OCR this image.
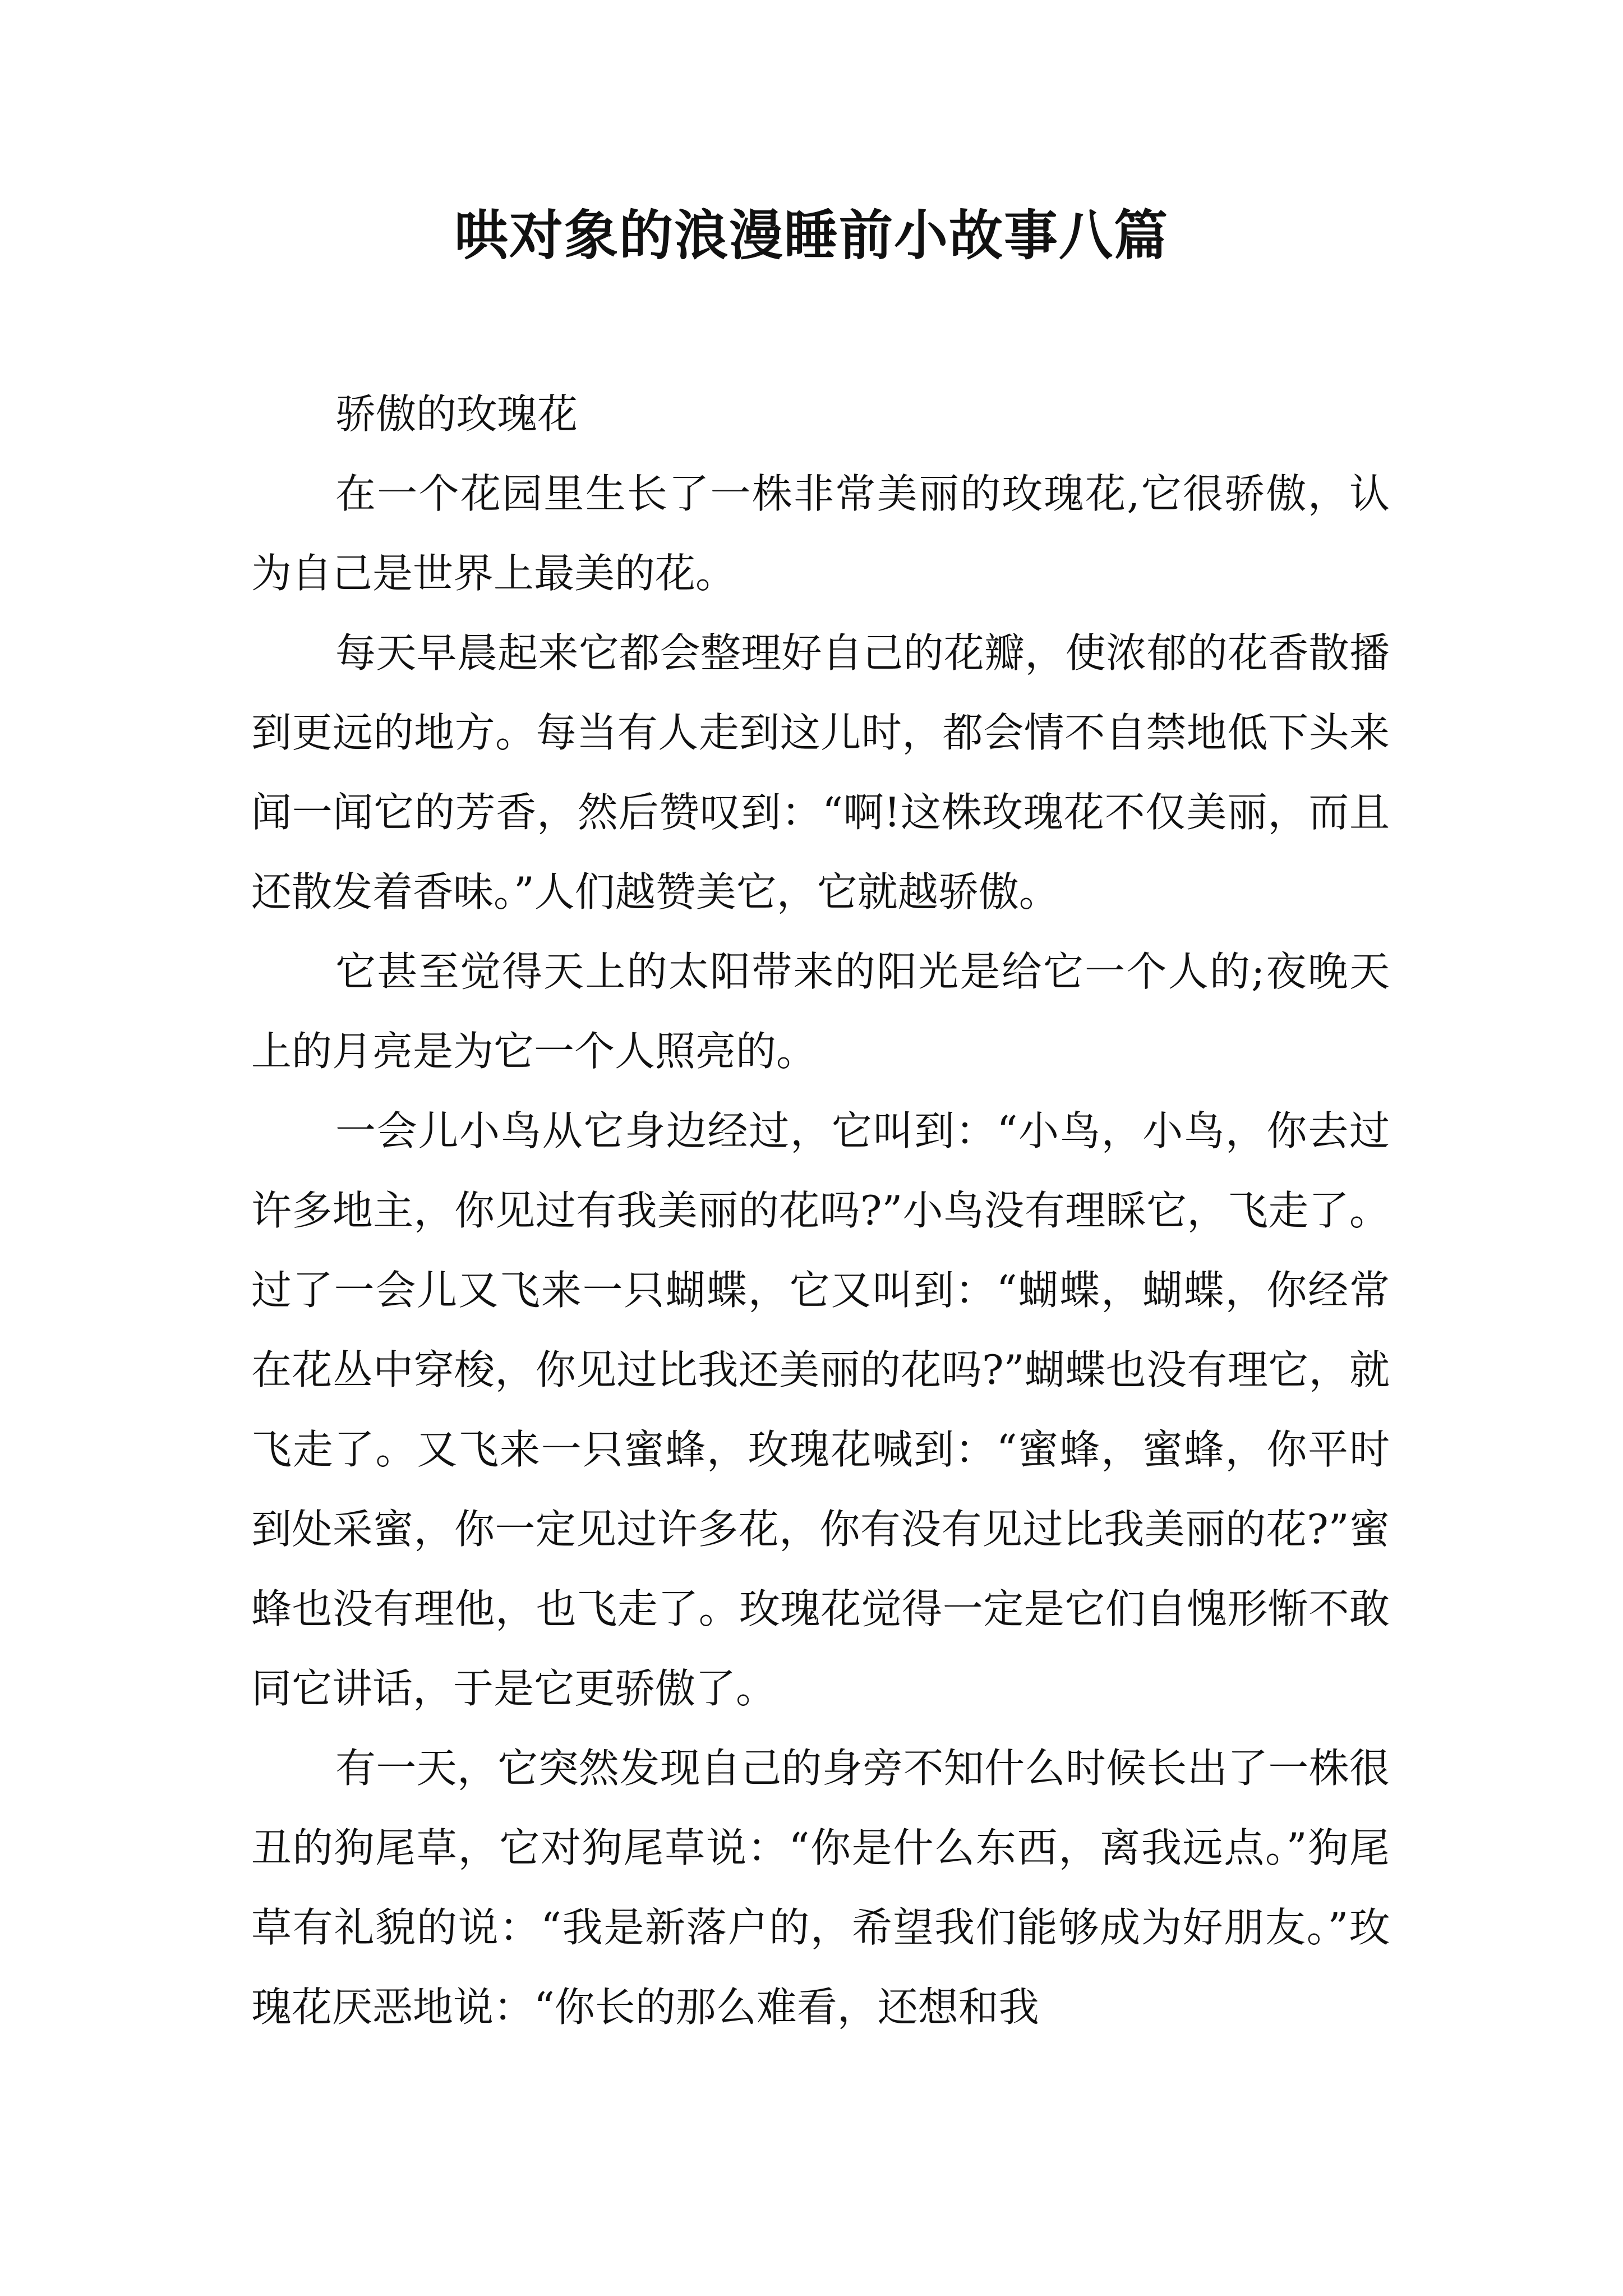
哄对象的浪漫睡前小故事八篇

骄傲的玫瑰花

在一个花园里生长了一株非常美丽的玫瑰花,它很骄傲，认为自己是世界上最美的花。

每天早晨起来它都会整理好自己的花瓣，使浓郁的花香散播到更远的地方。每当有人走到这儿时，都会情不自禁地低下头来闻一闻它的芳香，然后赞叹到：“啊!这株玫瑰花不仅美丽，而且还散发着香味。”人们越赞美它，它就越骄傲。

它甚至觉得天上的太阳带来的阳光是给它一个人的;夜晚天上的月亮是为它一个人照亮的。

一会儿小鸟从它身边经过，它叫到：“小鸟，小鸟，你去过许多地主，你见过有我美丽的花吗?”小鸟没有理睬它，飞走了。过了一会儿又飞来一只蝴蝶，它又叫到：“蝴蝶，蝴蝶，你经常在花丛中穿梭，你见过比我还美丽的花吗?”蝴蝶也没有理它，就飞走了。又飞来一只蜜蜂，玫瑰花喊到：“蜜蜂，蜜蜂，你平时到处采蜜，你一定见过许多花，你有没有见过比我美丽的花?”蜜蜂也没有理他，也飞走了。玫瑰花觉得一定是它们自愧形惭不敢同它讲话，于是它更骄傲了。

有一天，它突然发现自己的身旁不知什么时候长出了一株很丑的狗尾草，它对狗尾草说：“你是什么东西，离我远点。”狗尾草有礼貌的说：“我是新落户的，希望我们能够成为好朋友。”玫瑰花厌恶地说：“你长的那么难看，还想和我
